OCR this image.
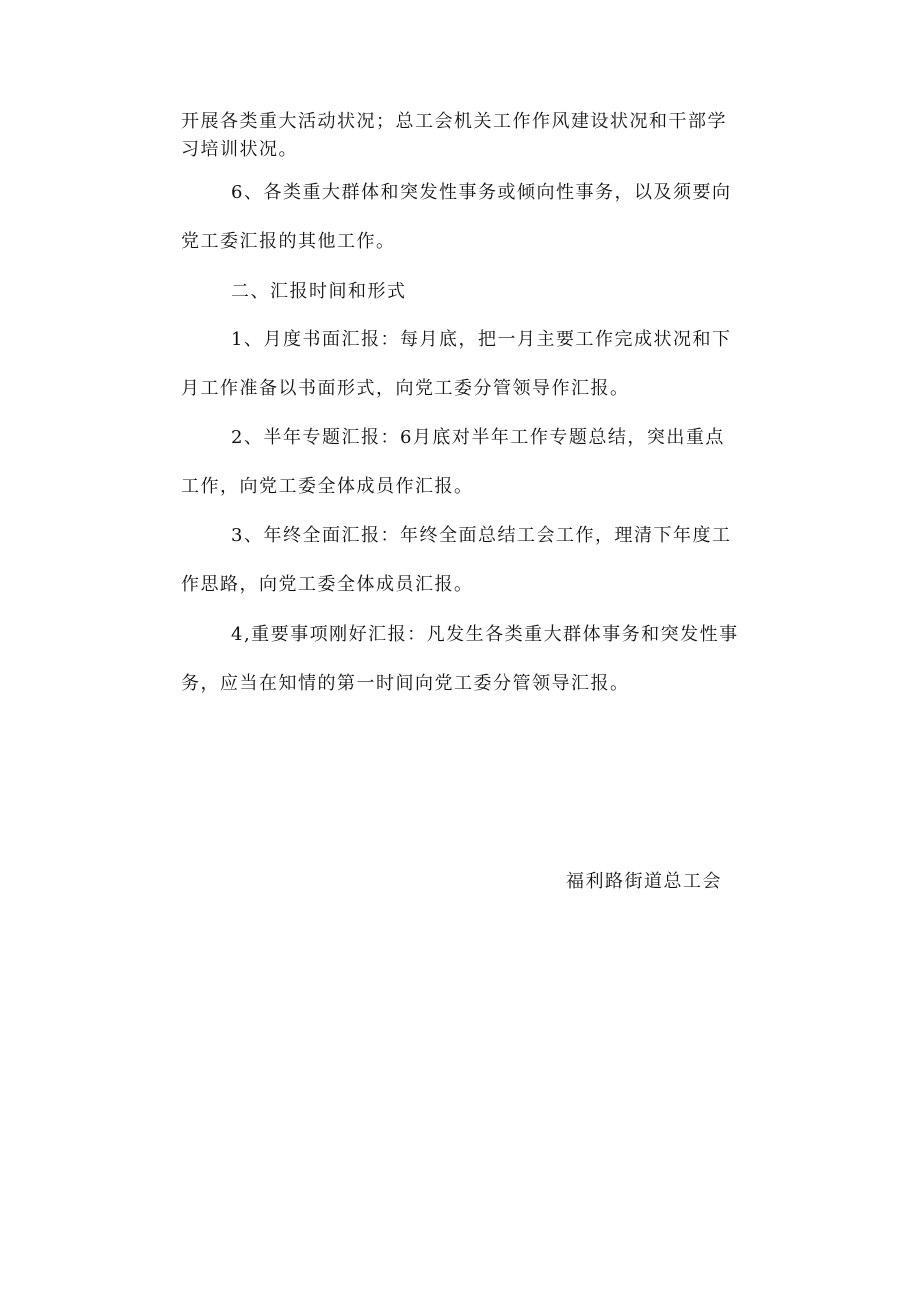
开展各类重大活动状况；总工会机关工作作风建设状况和干部学
习培训状况。
6、各类重大群体和突发性事务或倾向性事务，以及须要向
党工委汇报的其他工作。
二、汇报时间和形式
1、月度书面汇报：每月底，把一月主要工作完成状况和下
月工作准备以书面形式，向党工委分管领导作汇报。
2、半年专题汇报：6月底对半年工作专题总结，突出重点
工作，向党工委全体成员作汇报。
3、年终全面汇报：年终全面总结工会工作，理清下年度工
作思路，向党工委全体成员汇报。
4,重要事项刚好汇报：凡发生各类重大群体事务和突发性事
务，应当在知情的第一时间向党工委分管领导汇报。
福利路街道总工会
